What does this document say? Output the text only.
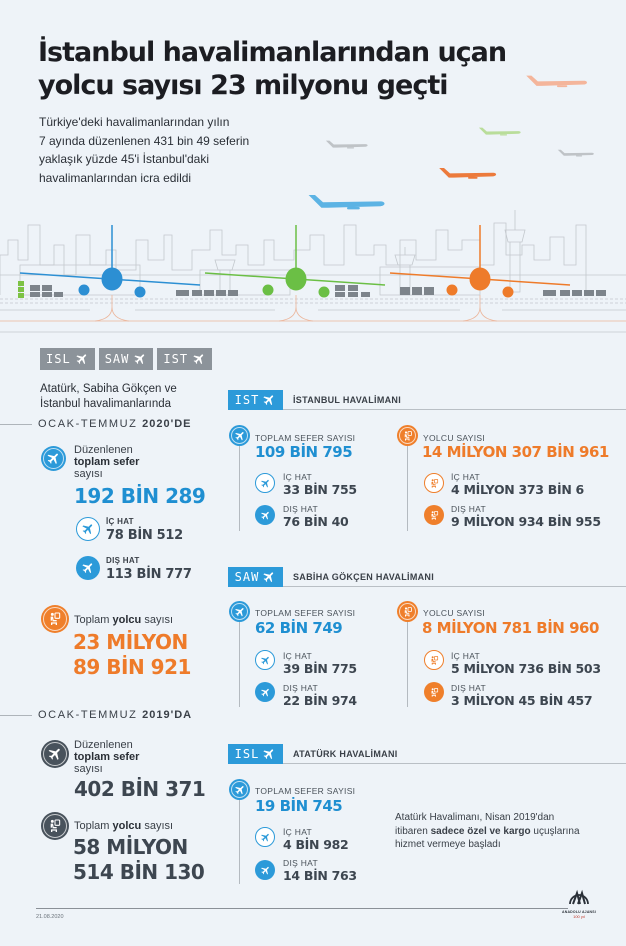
İstanbul havalimanlarından uçan
yolcu sayısı 23 milyonu geçti
Türkiye'deki havalimanlarından yılın
7 ayında düzenlenen 431 bin 49 seferin
yaklaşık yüzde 45'i İstanbul'daki
havalimanlarından icra edildi
ISL	SAW	IST
Atatürk, Sabiha Gökçen ve
İstanbul havalimanlarında
OCAK-TEMMUZ 2020'DE
Düzenlenen
toplam sefer
sayısı
192 BİN 289
İÇ HAT
78 BİN 512
DIŞ HAT
113 BİN 777
Toplam yolcu sayısı
23 MİLYON
89 BİN 921
OCAK-TEMMUZ 2019'DA
Düzenlenen
toplam sefer
sayısı
402 BİN 371
Toplam yolcu sayısı
58 MİLYON
514 BİN 130
IST	İSTANBUL HAVALİMANI
TOPLAM SEFER SAYISI
109 BİN 795
İÇ HAT
33 BİN 755
DIŞ HAT
76 BİN 40
YOLCU SAYISI
14 MİLYON 307 BİN 961
İÇ HAT
4 MİLYON 373 BİN 6
DIŞ HAT
9 MİLYON 934 BİN 955
SAW	SABİHA GÖKÇEN HAVALİMANI
TOPLAM SEFER SAYISI
62 BİN 749
İÇ HAT
39 BİN 775
DIŞ HAT
22 BİN 974
YOLCU SAYISI
8 MİLYON 781 BİN 960
İÇ HAT
5 MİLYON 736 BİN 503
DIŞ HAT
3 MİLYON 45 BİN 457
ISL	ATATÜRK HAVALİMANI
TOPLAM SEFER SAYISI
19 BİN 745
İÇ HAT
4 BİN 982
DIŞ HAT
14 BİN 763
Atatürk Havalimanı, Nisan 2019'dan
itibaren sadece özel ve kargo uçuşlarına
hizmet vermeye başladı
21.08.2020
ANADOLU AJANSI
100 yıl
